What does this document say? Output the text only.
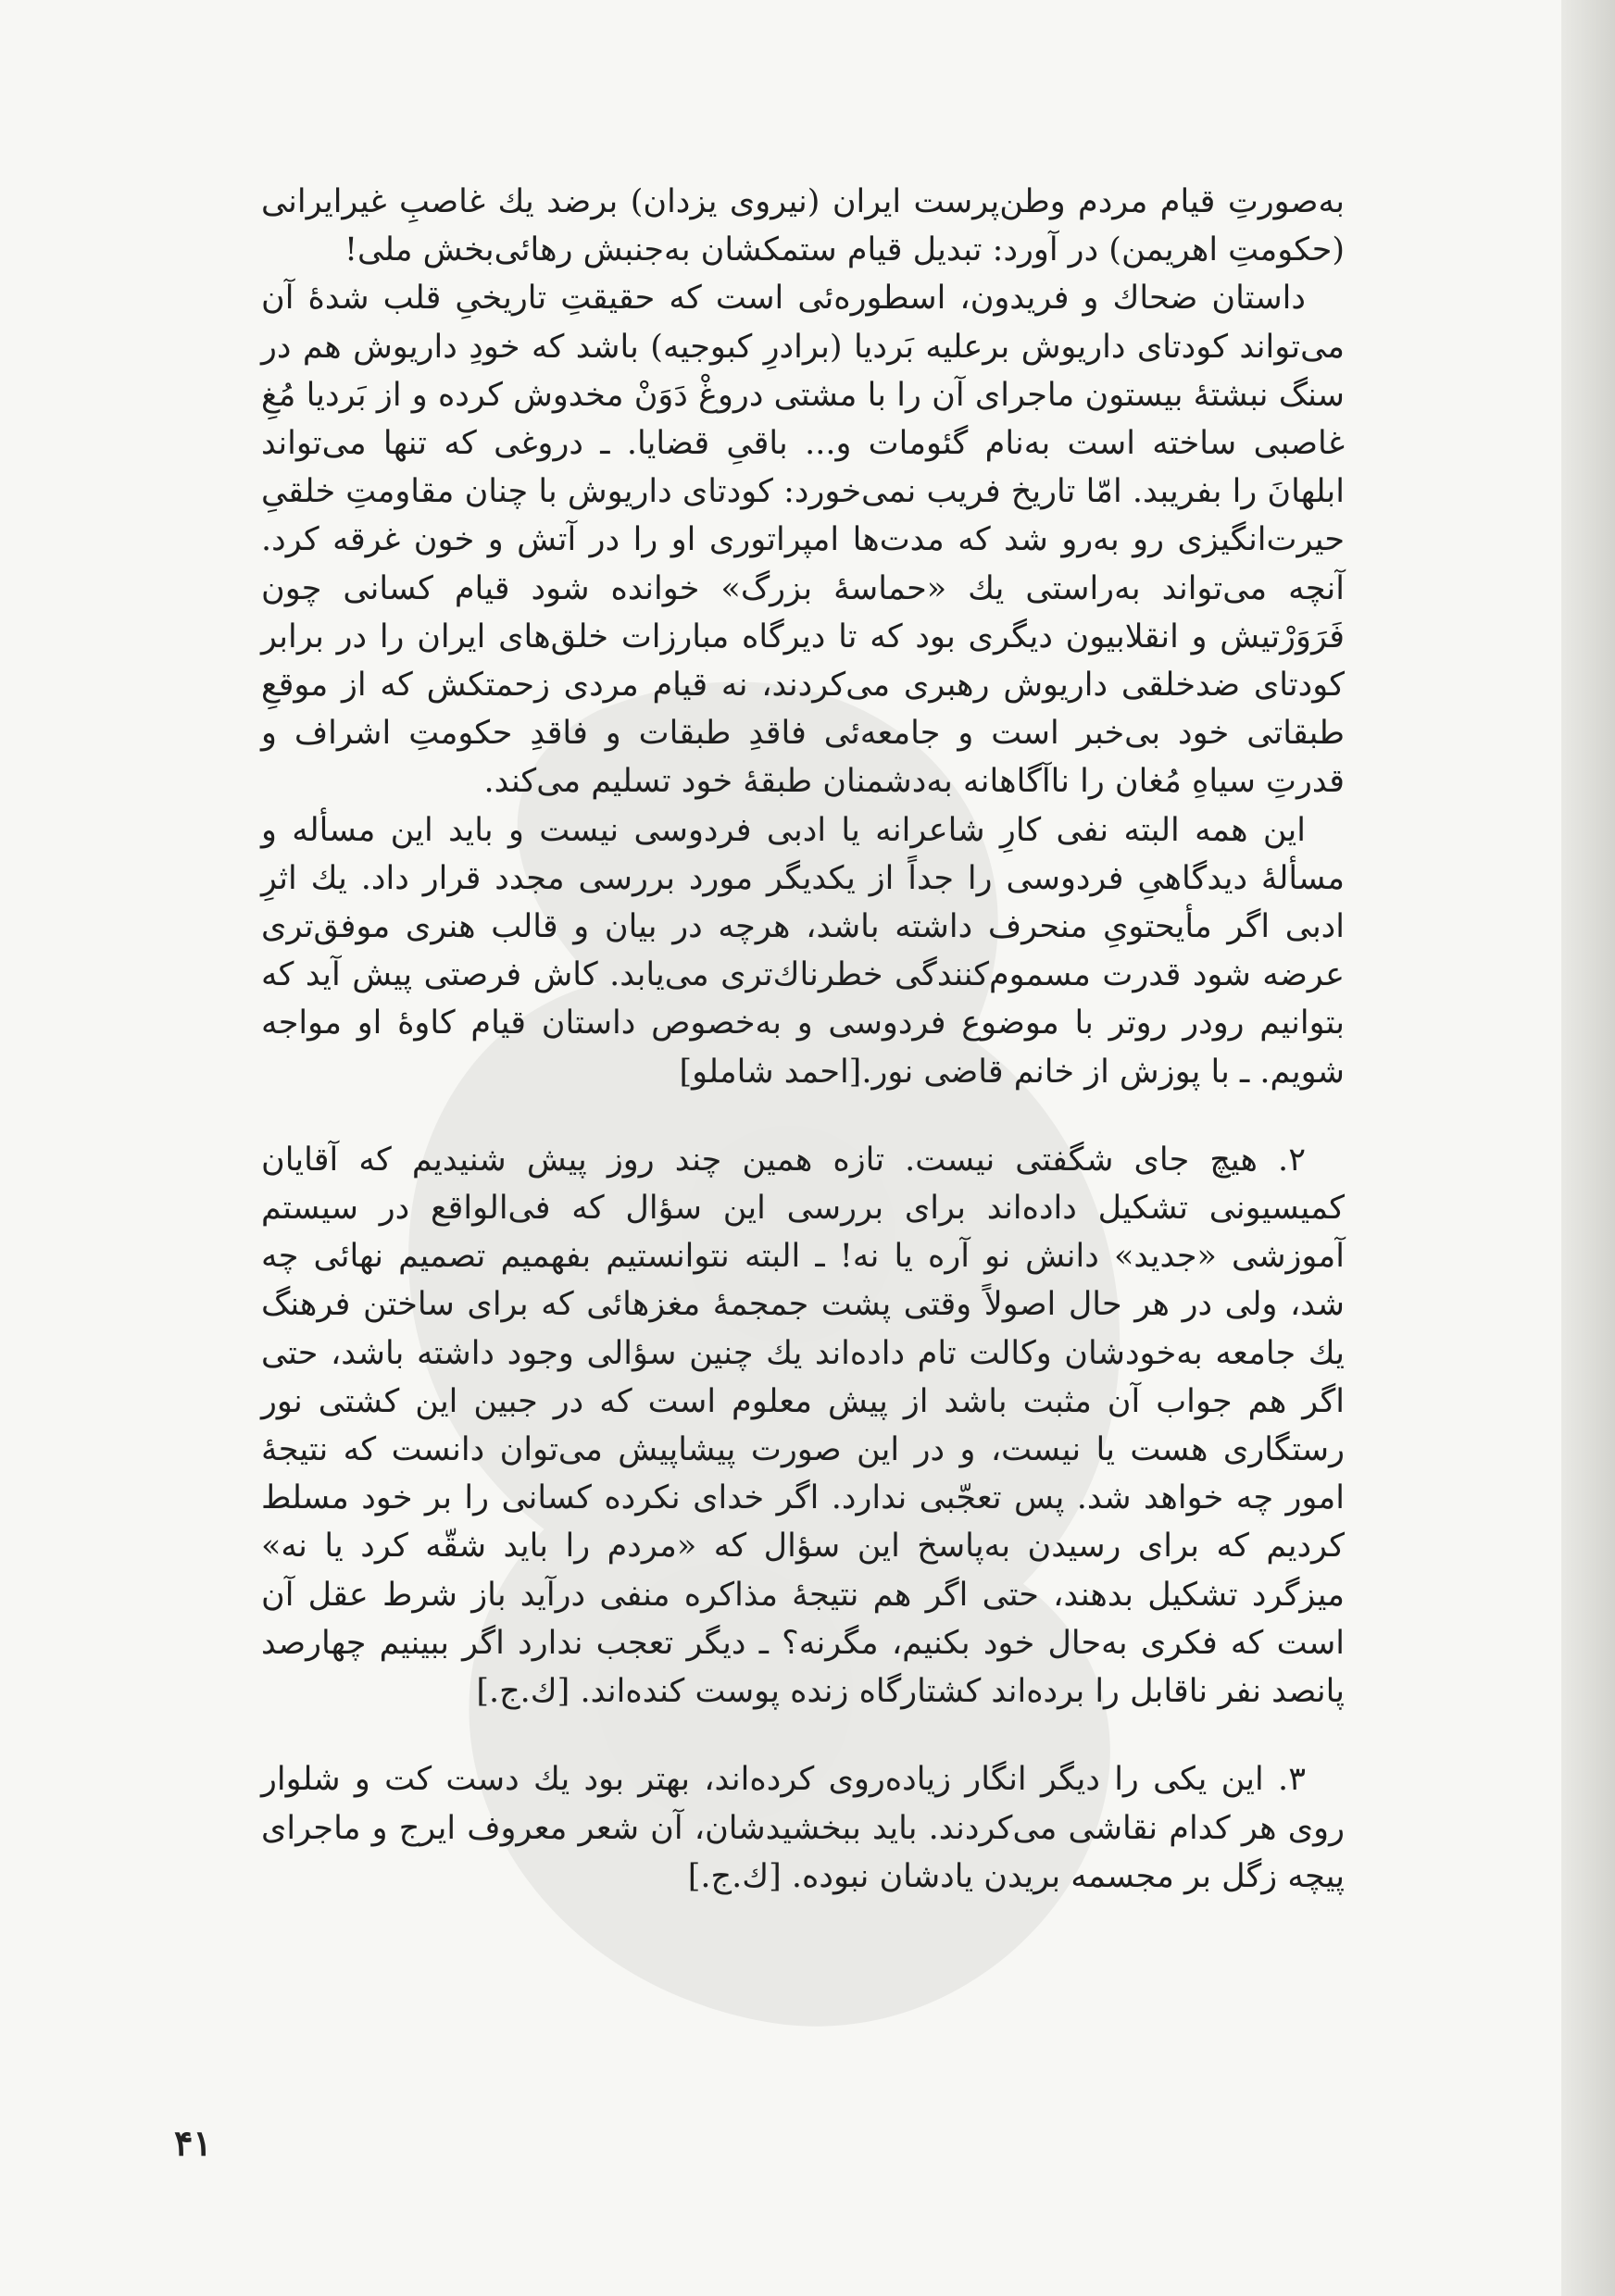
به‌صورتِ قیام مردم وطن‌پرست ایران (نیروی یزدان) برضد یك غاصبِ غیرایرانی (حکومتِ اهریمن) در آورد: تبدیل قیام ستمکشان به‌جنبش رهائی‌بخش ملی!

داستان ضحاك و فریدون، اسطوره‌ئی است که حقیقتِ تاریخیِ قلب شدهٔ آن می‌تواند کودتای داریوش برعلیه بَردیا (برادرِ کبوجیه) باشد که خودِ داریوش هم در سنگ نبشتهٔ بیستون ماجرای آن را با مشتی دروغْ دَوَنْ مخدوش کرده و از بَردیا مُغِ غاصبی ساخته است به‌نام گئومات و... باقیِ قضایا. ـ دروغی که تنها می‌تواند ابلهانَ را بفریبد. امّا تاریخ فریب نمی‌خورد: کودتای داریوش با چنان مقاومتِ خلقیِ حیرت‌انگیزی رو به‌رو شد که مدت‌ها امپراتوری او را در آتش و خون غرقه کرد. آنچه می‌تواند به‌راستی یك «حماسهٔ بزرگ» خوانده شود قیام کسانی چون فَرَوَرْتیش و انقلابیون دیگری بود که تا دیرگاه مبارزات خلق‌های ایران را در برابر کودتای ضدخلقی داریوش رهبری می‌کردند، نه قیام مردی زحمتکش که از موقعِ طبقاتی خود بی‌خبر است و جامعه‌ئی فاقدِ طبقات و فاقدِ حکومتِ اشراف و قدرتِ سیاهِ مُغان را ناآگاهانه به‌دشمنان طبقهٔ خود تسلیم می‌کند.

این همه البته نفی کارِ شاعرانه یا ادبی فردوسی نیست و باید این مسأله و مسألهٔ دیدگاهیِ فردوسی را جداً از یکدیگر مورد بررسی مجدد قرار داد. یك اثرِ ادبی اگر مأیحتویِ منحرف داشته باشد، هرچه در بیان و قالب هنری موفق‌تری عرضه شود قدرت مسموم‌کنندگی خطرناك‌تری می‌یابد. کاش فرصتی پیش آید که بتوانیم رودر روتر با موضوع فردوسی و به‌خصوص داستان قیام کاوهٔ او مواجه شویم. ـ با پوزش از خانم قاضی نور.[احمد شاملو]

۲. هیچ جای شگفتی نیست. تازه همین چند روز پیش شنیدیم که آقایان کمیسیونی تشکیل داده‌اند برای بررسی این سؤال که فی‌الواقع در سیستم آموزشی «جدید» دانش نو آره یا نه! ـ البته نتوانستیم بفهمیم تصمیم نهائی چه شد، ولی در هر حال اصولاً وقتی پشت جمجمهٔ مغزهائی که برای ساختن فرهنگ یك جامعه به‌خودشان وکالت تام داده‌اند یك چنین سؤالی وجود داشته باشد، حتی اگر هم جواب آن مثبت باشد از پیش معلوم است که در جبین این کشتی نور رستگاری هست یا نیست، و در این صورت پیشاپیش می‌توان دانست که نتیجهٔ امور چه خواهد شد. پس تعجّبی ندارد. اگر خدای نکرده کسانی را بر خود مسلط کردیم که برای رسیدن به‌پاسخ این سؤال که «مردم را باید شقّه کرد یا نه» میزگرد تشکیل بدهند، حتی اگر هم نتیجهٔ مذاکره منفی درآید باز شرط عقل آن است که فکری به‌حال خود بکنیم، مگرنه؟ ـ دیگر تعجب ندارد اگر ببینیم چهارصد پانصد نفر ناقابل را برده‌اند کشتارگاه زنده پوست کنده‌اند. [ك.ج.]

۳. این یکی را دیگر انگار زیاده‌روی کرده‌اند، بهتر بود یك دست کت و شلوار روی هر کدام نقاشی می‌کردند. باید ببخشیدشان، آن شعر معروف ایرج و ماجرای پیچه زگل بر مجسمه بریدن یادشان نبوده. [ك.ج.]

۴۱
